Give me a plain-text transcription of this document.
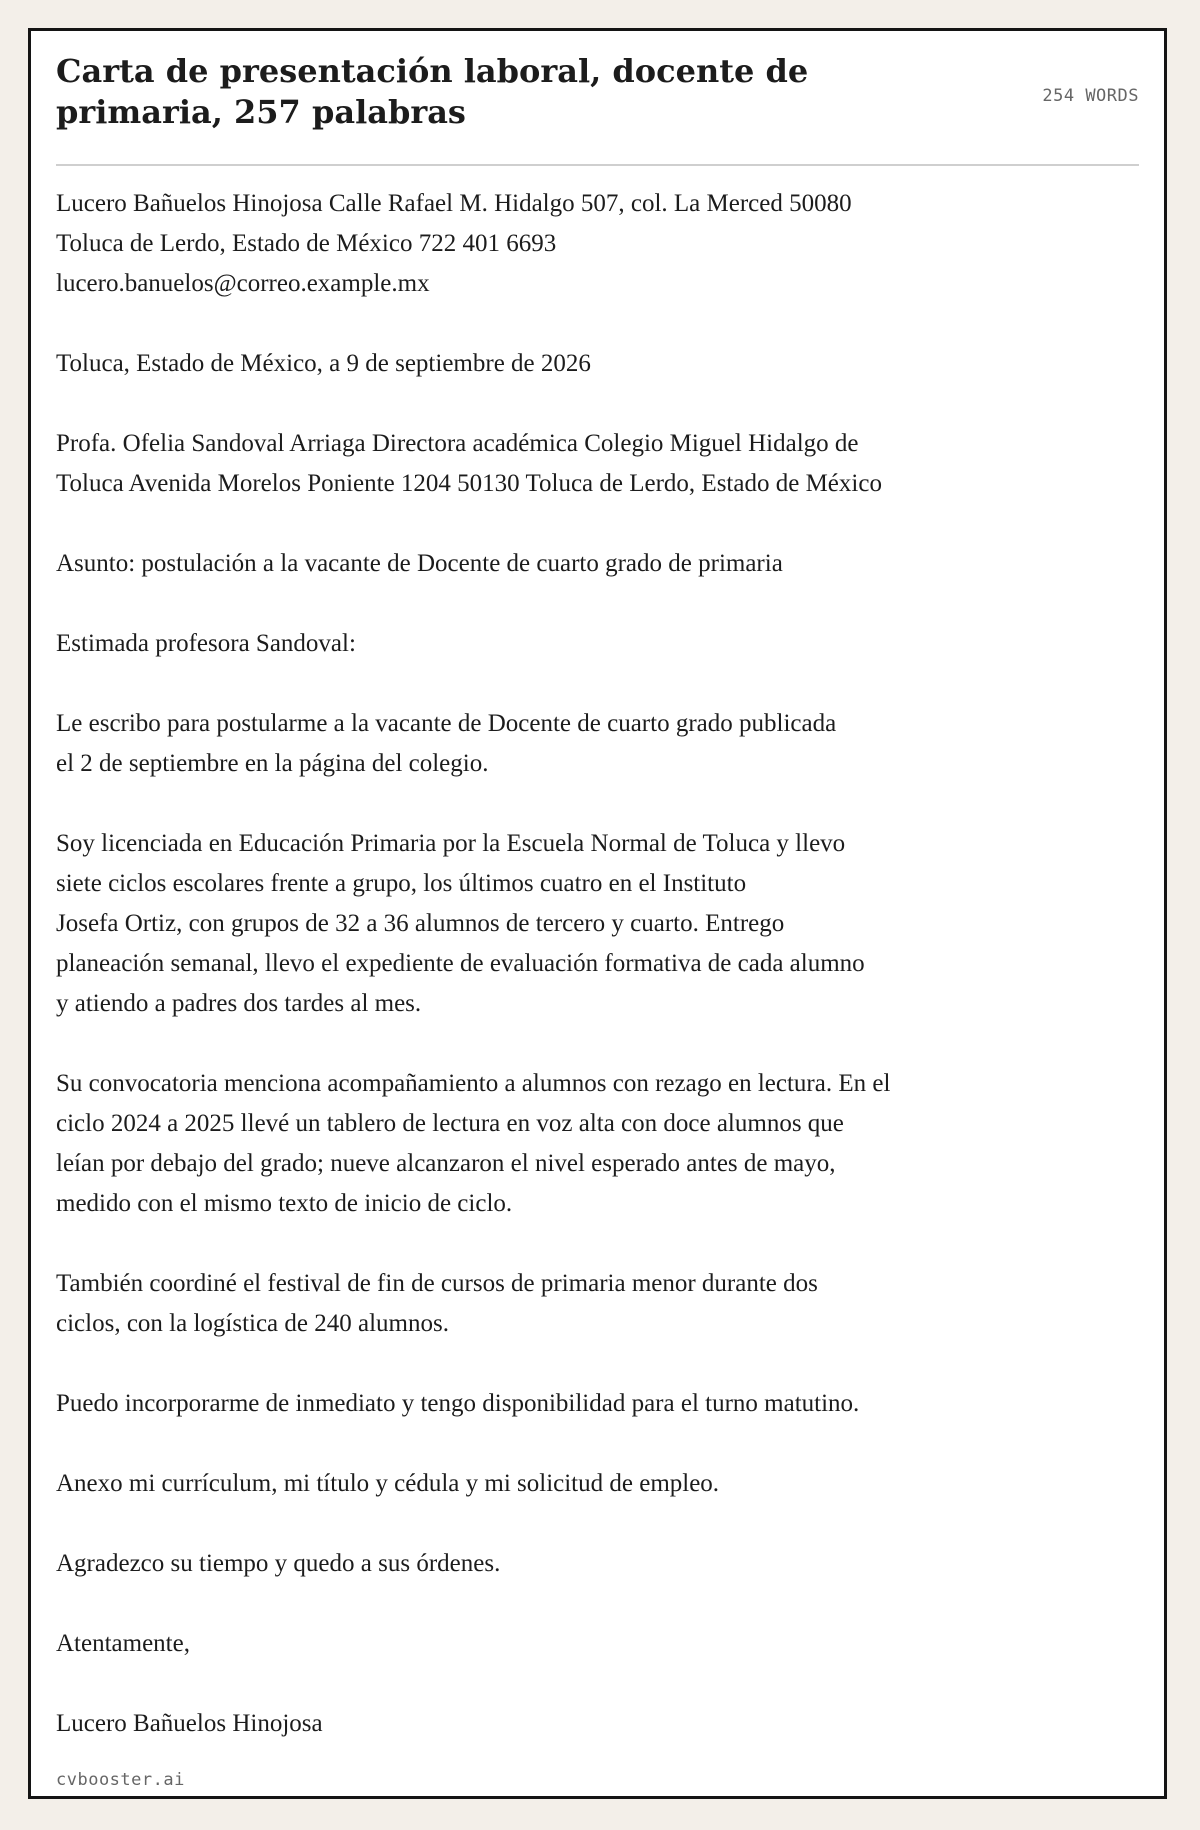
Carta de presentación laboral, docente de primaria, 257 palabras	254 WORDS

Lucero Bañuelos Hinojosa Calle Rafael M. Hidalgo 507, col. La Merced 50080
Toluca de Lerdo, Estado de México 722 401 6693
lucero.banuelos@correo.example.mx

Toluca, Estado de México, a 9 de septiembre de 2026

Profa. Ofelia Sandoval Arriaga Directora académica Colegio Miguel Hidalgo de
Toluca Avenida Morelos Poniente 1204 50130 Toluca de Lerdo, Estado de México

Asunto: postulación a la vacante de Docente de cuarto grado de primaria

Estimada profesora Sandoval:

Le escribo para postularme a la vacante de Docente de cuarto grado publicada
el 2 de septiembre en la página del colegio.

Soy licenciada en Educación Primaria por la Escuela Normal de Toluca y llevo
siete ciclos escolares frente a grupo, los últimos cuatro en el Instituto
Josefa Ortiz, con grupos de 32 a 36 alumnos de tercero y cuarto. Entrego
planeación semanal, llevo el expediente de evaluación formativa de cada alumno
y atiendo a padres dos tardes al mes.

Su convocatoria menciona acompañamiento a alumnos con rezago en lectura. En el
ciclo 2024 a 2025 llevé un tablero de lectura en voz alta con doce alumnos que
leían por debajo del grado; nueve alcanzaron el nivel esperado antes de mayo,
medido con el mismo texto de inicio de ciclo.

También coordiné el festival de fin de cursos de primaria menor durante dos
ciclos, con la logística de 240 alumnos.

Puedo incorporarme de inmediato y tengo disponibilidad para el turno matutino.

Anexo mi currículum, mi título y cédula y mi solicitud de empleo.

Agradezco su tiempo y quedo a sus órdenes.

Atentamente,

Lucero Bañuelos Hinojosa

cvbooster.ai
